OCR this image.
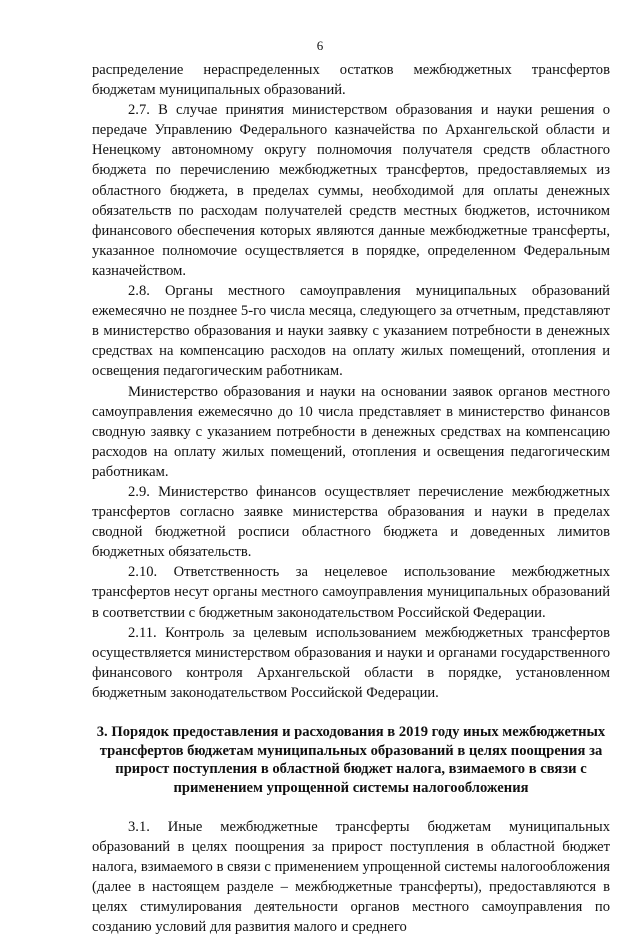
6

распределение нераспределенных остатков межбюджетных трансфертов бюджетам муниципальных образований.

2.7. В случае принятия министерством образования и науки решения о передаче Управлению Федерального казначейства по Архангельской области и Ненецкому автономному округу полномочия получателя средств областного бюджета по перечислению межбюджетных трансфертов, предоставляемых из областного бюджета, в пределах суммы, необходимой для оплаты денежных обязательств по расходам получателей средств местных бюджетов, источником финансового обеспечения которых являются данные межбюджетные трансферты, указанное полномочие осуществляется в порядке, определенном Федеральным казначейством.

2.8. Органы местного самоуправления муниципальных образований ежемесячно не позднее 5-го числа месяца, следующего за отчетным, представляют в министерство образования и науки заявку с указанием потребности в денежных средствах на компенсацию расходов на оплату жилых помещений, отопления и освещения педагогическим работникам.

Министерство образования и науки на основании заявок органов местного самоуправления ежемесячно до 10 числа представляет в министерство финансов сводную заявку с указанием потребности в денежных средствах на компенсацию расходов на оплату жилых помещений, отопления и освещения педагогическим работникам.

2.9. Министерство финансов осуществляет перечисление межбюджетных трансфертов согласно заявке министерства образования и науки в пределах сводной бюджетной росписи областного бюджета и доведенных лимитов бюджетных обязательств.

2.10. Ответственность за нецелевое использование межбюджетных трансфертов несут органы местного самоуправления муниципальных образований в соответствии с бюджетным законодательством Российской Федерации.

2.11. Контроль за целевым использованием межбюджетных трансфертов осуществляется министерством образования и науки и органами государственного финансового контроля Архангельской области в порядке, установленном бюджетным законодательством Российской Федерации.

3. Порядок предоставления и расходования в 2019 году иных межбюджетных трансфертов бюджетам муниципальных образований в целях поощрения за прирост поступления в областной бюджет налога, взимаемого в связи с применением упрощенной системы налогообложения

3.1. Иные межбюджетные трансферты бюджетам муниципальных образований в целях поощрения за прирост поступления в областной бюджет налога, взимаемого в связи с применением упрощенной системы налогообложения (далее в настоящем разделе – межбюджетные трансферты), предоставляются в целях стимулирования деятельности органов местного самоуправления по созданию условий для развития малого и среднего
